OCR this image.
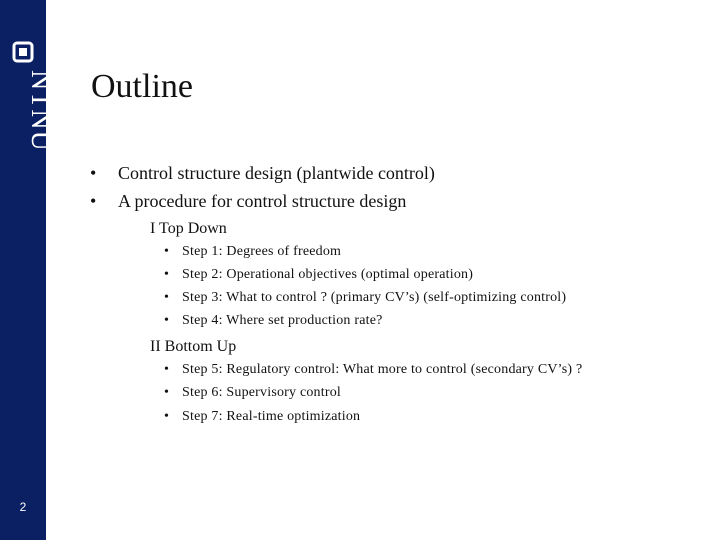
NTNU
2
Outline
• Control structure design (plantwide control)
• A procedure for control structure design
I Top Down
• Step 1: Degrees of freedom
• Step 2: Operational objectives (optimal operation)
• Step 3: What to control ? (primary CV’s) (self-optimizing control)
• Step 4: Where set production rate?
II Bottom Up
• Step 5: Regulatory control: What more to control (secondary CV’s) ?
• Step 6: Supervisory control
• Step 7: Real-time optimization
